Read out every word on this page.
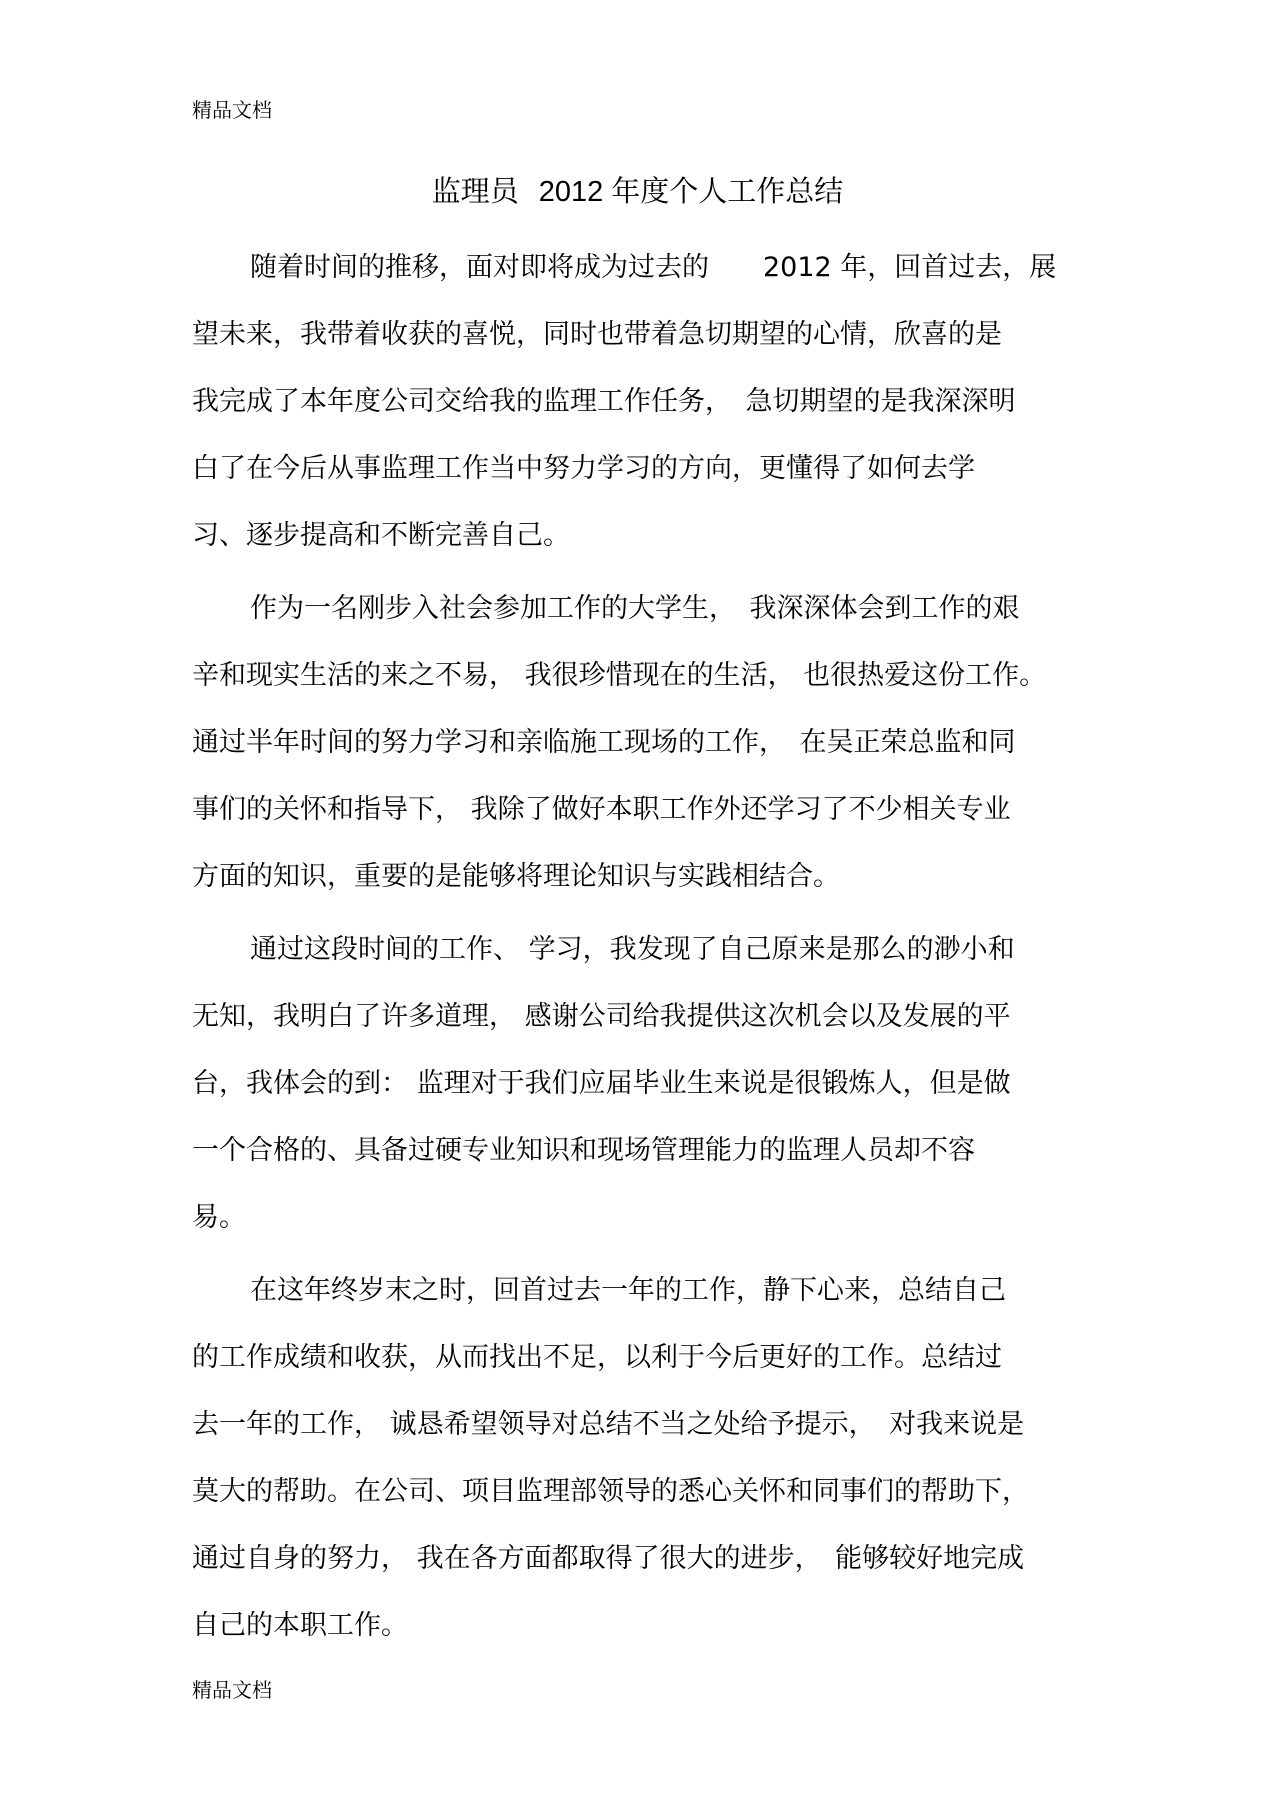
精品文档
监理员 2012 年度个人工作总结
随着时间的推移，面对即将成为过去的　　2012 年，回首过去，展
望未来，我带着收获的喜悦，同时也带着急切期望的心情，欣喜的是
我完成了本年度公司交给我的监理工作任务，　急切期望的是我深深明
白了在今后从事监理工作当中努力学习的方向，更懂得了如何去学
习、逐步提高和不断完善自己。
作为一名刚步入社会参加工作的大学生，　我深深体会到工作的艰
辛和现实生活的来之不易， 我很珍惜现在的生活， 也很热爱这份工作。
通过半年时间的努力学习和亲临施工现场的工作，　在吴正荣总监和同
事们的关怀和指导下， 我除了做好本职工作外还学习了不少相关专业
方面的知识，重要的是能够将理论知识与实践相结合。
通过这段时间的工作、 学习，我发现了自己原来是那么的渺小和
无知，我明白了许多道理， 感谢公司给我提供这次机会以及发展的平
台，我体会的到： 监理对于我们应届毕业生来说是很锻炼人，但是做
一个合格的、具备过硬专业知识和现场管理能力的监理人员却不容
易。
在这年终岁末之时，回首过去一年的工作，静下心来，总结自己
的工作成绩和收获，从而找出不足，以利于今后更好的工作。总结过
去一年的工作， 诚恳希望领导对总结不当之处给予提示，　对我来说是
莫大的帮助。在公司、项目监理部领导的悉心关怀和同事们的帮助下，
通过自身的努力， 我在各方面都取得了很大的进步，　能够较好地完成
自己的本职工作。
精品文档
